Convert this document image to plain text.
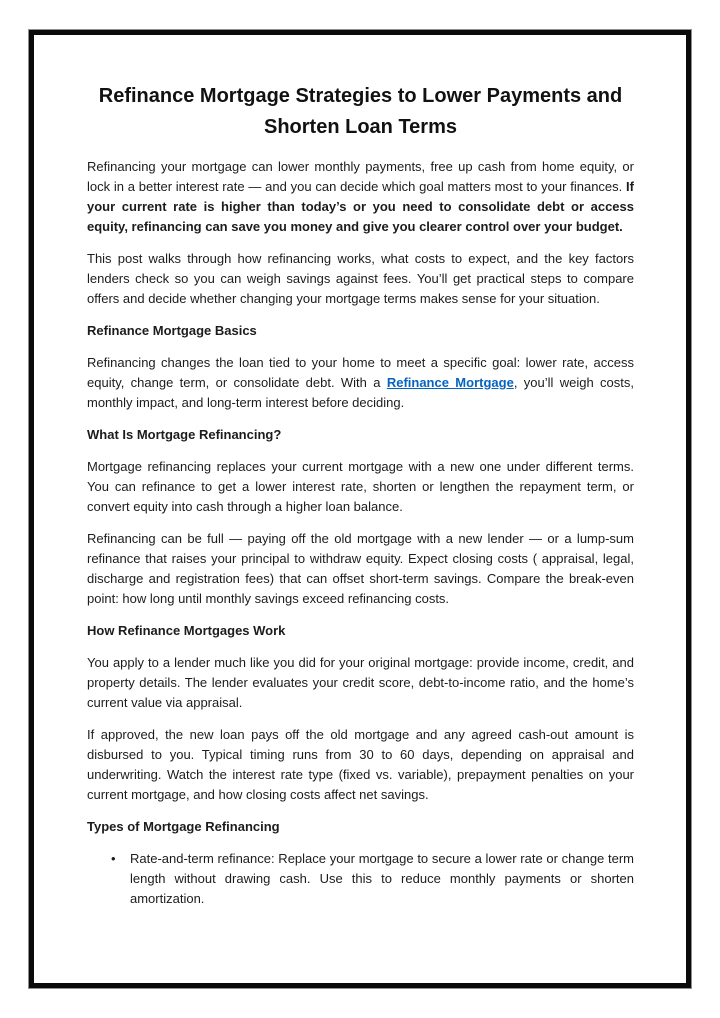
Refinance Mortgage Strategies to Lower Payments and
Shorten Loan Terms

Refinancing your mortgage can lower monthly payments, free up cash from home equity, or lock in a better interest rate — and you can decide which goal matters most to your finances. If your current rate is higher than today’s or you need to consolidate debt or access equity, refinancing can save you money and give you clearer control over your budget.

This post walks through how refinancing works, what costs to expect, and the key factors lenders check so you can weigh savings against fees. You’ll get practical steps to compare offers and decide whether changing your mortgage terms makes sense for your situation.

Refinance Mortgage Basics

Refinancing changes the loan tied to your home to meet a specific goal: lower rate, access equity, change term, or consolidate debt. With a Refinance Mortgage, you’ll weigh costs, monthly impact, and long-term interest before deciding.

What Is Mortgage Refinancing?

Mortgage refinancing replaces your current mortgage with a new one under different terms. You can refinance to get a lower interest rate, shorten or lengthen the repayment term, or convert equity into cash through a higher loan balance.

Refinancing can be full — paying off the old mortgage with a new lender — or a lump-sum refinance that raises your principal to withdraw equity. Expect closing costs ( appraisal, legal, discharge and registration fees) that can offset short-term savings. Compare the break-even point: how long until monthly savings exceed refinancing costs.

How Refinance Mortgages Work

You apply to a lender much like you did for your original mortgage: provide income, credit, and property details. The lender evaluates your credit score, debt-to-income ratio, and the home’s current value via appraisal.

If approved, the new loan pays off the old mortgage and any agreed cash-out amount is disbursed to you. Typical timing runs from 30 to 60 days, depending on appraisal and underwriting. Watch the interest rate type (fixed vs. variable), prepayment penalties on your current mortgage, and how closing costs affect net savings.

Types of Mortgage Refinancing
• Rate-and-term refinance: Replace your mortgage to secure a lower rate or change term length without drawing cash. Use this to reduce monthly payments or shorten amortization.
